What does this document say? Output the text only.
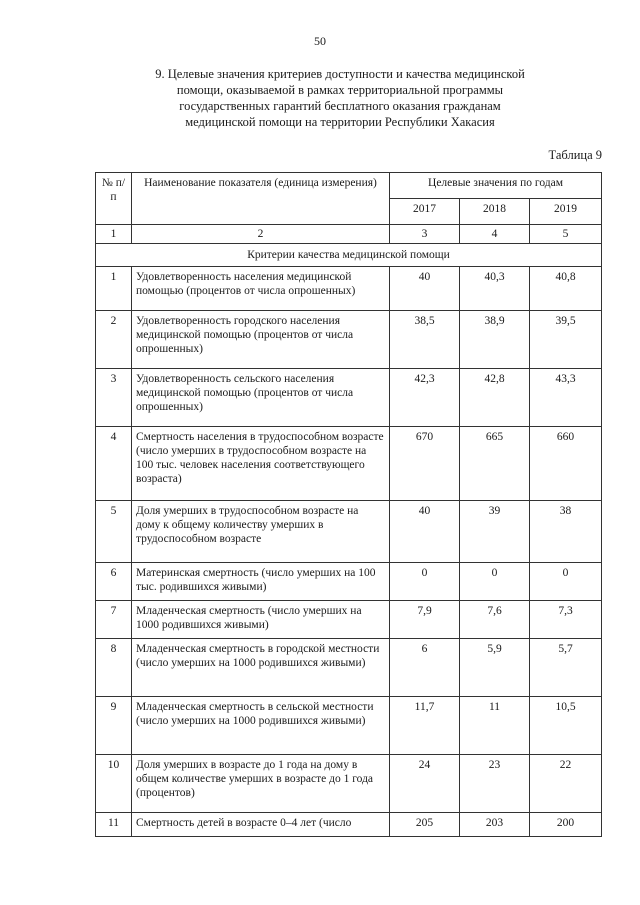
50
9. Целевые значения критериев доступности и качества медицинской
помощи, оказываемой в рамках территориальной программы
государственных гарантий бесплатного оказания гражданам
медицинской помощи на территории Республики Хакасия
Таблица 9
№ п/п	Наименование показателя (единица измерения)	Целевые значения по годам		
		2017	2018	2019
1	2	3	4	5
Критерии качества медицинской помощи				
1	Удовлетворенность населения медицинской помощью (процентов от числа опрошенных)	40	40,3	40,8
2	Удовлетворенность городского населения медицинской помощью (процентов от числа опрошенных)	38,5	38,9	39,5
3	Удовлетворенность сельского населения медицинской помощью (процентов от числа опрошенных)	42,3	42,8	43,3
4	Смертность населения в трудоспособном возрасте (число умерших в трудоспособном возрасте на 100 тыс. человек населения соответствующего возраста)	670	665	660
5	Доля умерших в трудоспособном возрасте на дому к общему количеству умерших в трудоспособном возрасте	40	39	38
6	Материнская смертность (число умерших на 100 тыс. родившихся живыми)	0	0	0
7	Младенческая смертность (число умерших на 1000 родившихся живыми)	7,9	7,6	7,3
8	Младенческая смертность в городской местности (число умерших на 1000 родившихся живыми)	6	5,9	5,7
9	Младенческая смертность в сельской местности (число умерших на 1000 родившихся живыми)	11,7	11	10,5
10	Доля умерших в возрасте до 1 года на дому в общем количестве умерших в возрасте до 1 года (процентов)	24	23	22
11	Смертность детей в возрасте 0–4 лет (число	205	203	200
